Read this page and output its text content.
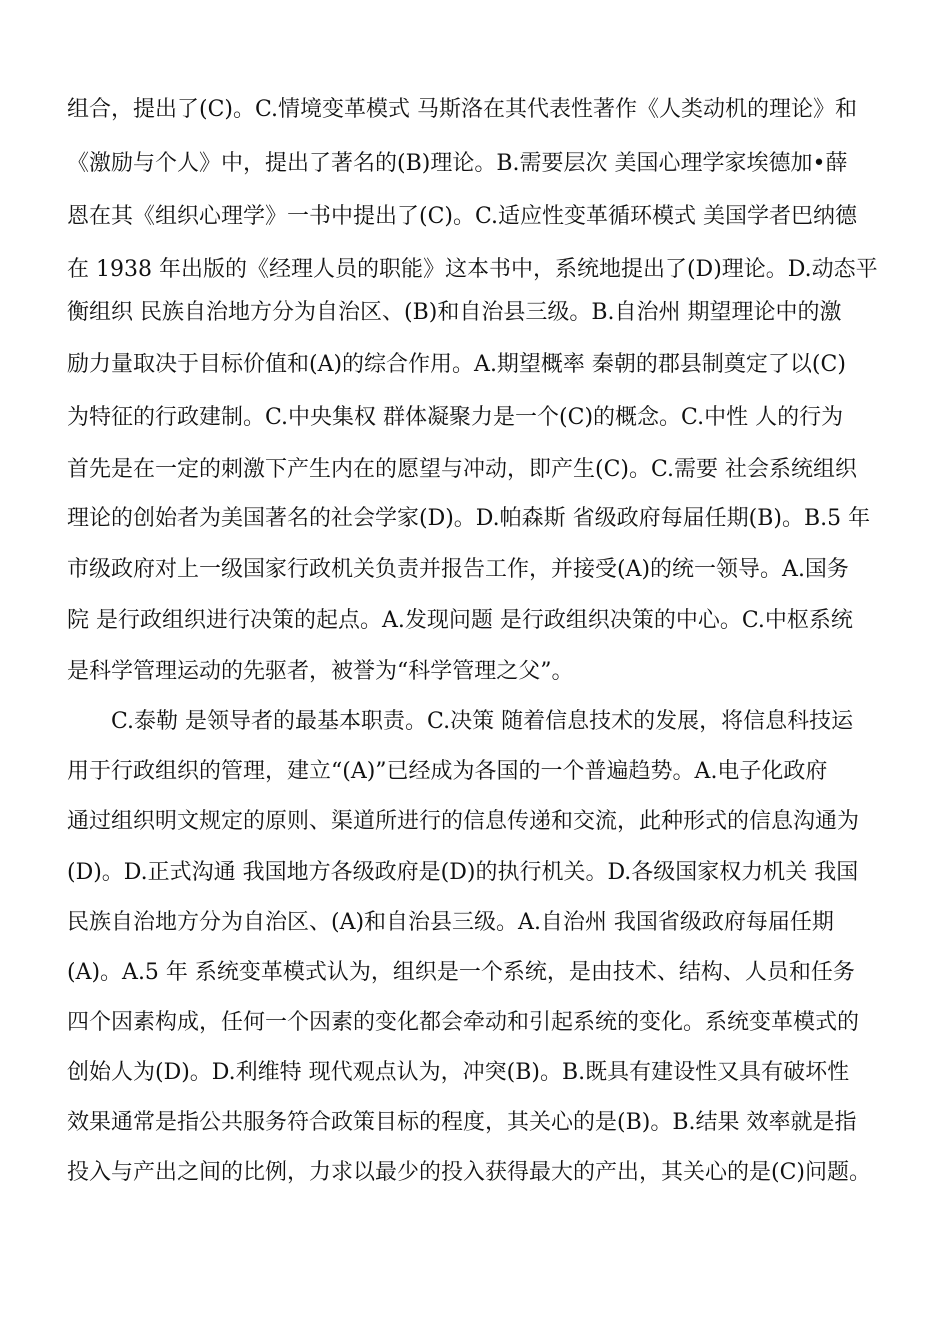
组合，提出了(C)。C.情境变革模式 马斯洛在其代表性著作《人类动机的理论》和
《激励与个人》中，提出了著名的(B)理论。B.需要层次 美国心理学家埃德加•薛
恩在其《组织心理学》一书中提出了(C)。C.适应性变革循环模式 美国学者巴纳德
在 1938 年出版的《经理人员的职能》这本书中，系统地提出了(D)理论。D.动态平
衡组织 民族自治地方分为自治区、(B)和自治县三级。B.自治州 期望理论中的激
励力量取决于目标价值和(A)的综合作用。A.期望概率 秦朝的郡县制奠定了以(C)
为特征的行政建制。C.中央集权 群体凝聚力是一个(C)的概念。C.中性 人的行为
首先是在一定的刺激下产生内在的愿望与冲动，即产生(C)。C.需要 社会系统组织
理论的创始者为美国著名的社会学家(D)。D.帕森斯 省级政府每届任期(B)。B.5 年
市级政府对上一级国家行政机关负责并报告工作，并接受(A)的统一领导。A.国务
院 是行政组织进行决策的起点。A.发现问题 是行政组织决策的中心。C.中枢系统
是科学管理运动的先驱者，被誉为“科学管理之父”。
C.泰勒 是领导者的最基本职责。C.决策 随着信息技术的发展，将信息科技运
用于行政组织的管理，建立“(A)”已经成为各国的一个普遍趋势。A.电子化政府
通过组织明文规定的原则、渠道所进行的信息传递和交流，此种形式的信息沟通为
(D)。D.正式沟通 我国地方各级政府是(D)的执行机关。D.各级国家权力机关 我国
民族自治地方分为自治区、(A)和自治县三级。A.自治州 我国省级政府每届任期
(A)。A.5 年 系统变革模式认为，组织是一个系统，是由技术、结构、人员和任务
四个因素构成，任何一个因素的变化都会牵动和引起系统的变化。系统变革模式的
创始人为(D)。D.利维特 现代观点认为，冲突(B)。B.既具有建设性又具有破坏性
效果通常是指公共服务符合政策目标的程度，其关心的是(B)。B.结果 效率就是指
投入与产出之间的比例，力求以最少的投入获得最大的产出，其关心的是(C)问题。
